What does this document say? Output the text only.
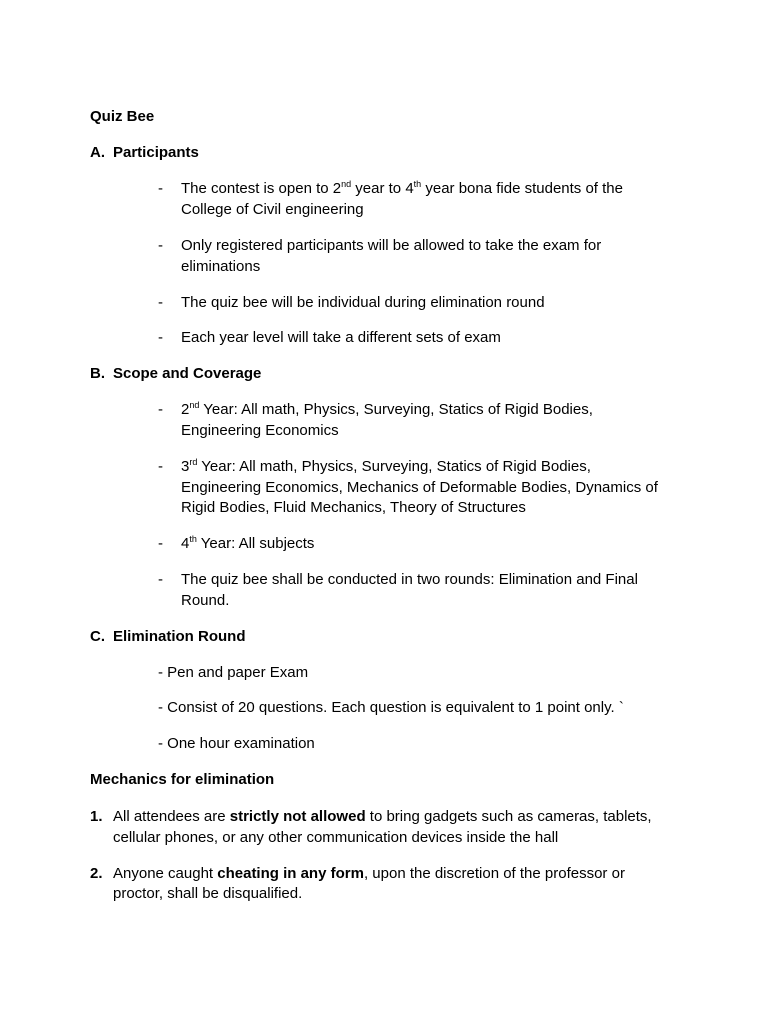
Quiz Bee
A. Participants
-	The contest is open to 2nd year to 4th year bona fide students of the
College of Civil engineering
-	Only registered participants will be allowed to take the exam for
eliminations
-	The quiz bee will be individual during elimination round
-	Each year level will take a different sets of exam
B. Scope and Coverage
-	2nd Year: All math, Physics, Surveying, Statics of Rigid Bodies,
Engineering Economics
-	3rd Year: All math, Physics, Surveying, Statics of Rigid Bodies,
Engineering Economics, Mechanics of Deformable Bodies, Dynamics of
Rigid Bodies, Fluid Mechanics, Theory of Structures
-	4th Year: All subjects
-	The quiz bee shall be conducted in two rounds: Elimination and Final
Round.
C. Elimination Round
- Pen and paper Exam
- Consist of 20 questions. Each question is equivalent to 1 point only. `
- One hour examination
Mechanics for elimination
1. All attendees are strictly not allowed to bring gadgets such as cameras, tablets,
cellular phones, or any other communication devices inside the hall
2. Anyone caught cheating in any form, upon the discretion of the professor or
proctor, shall be disqualified.
